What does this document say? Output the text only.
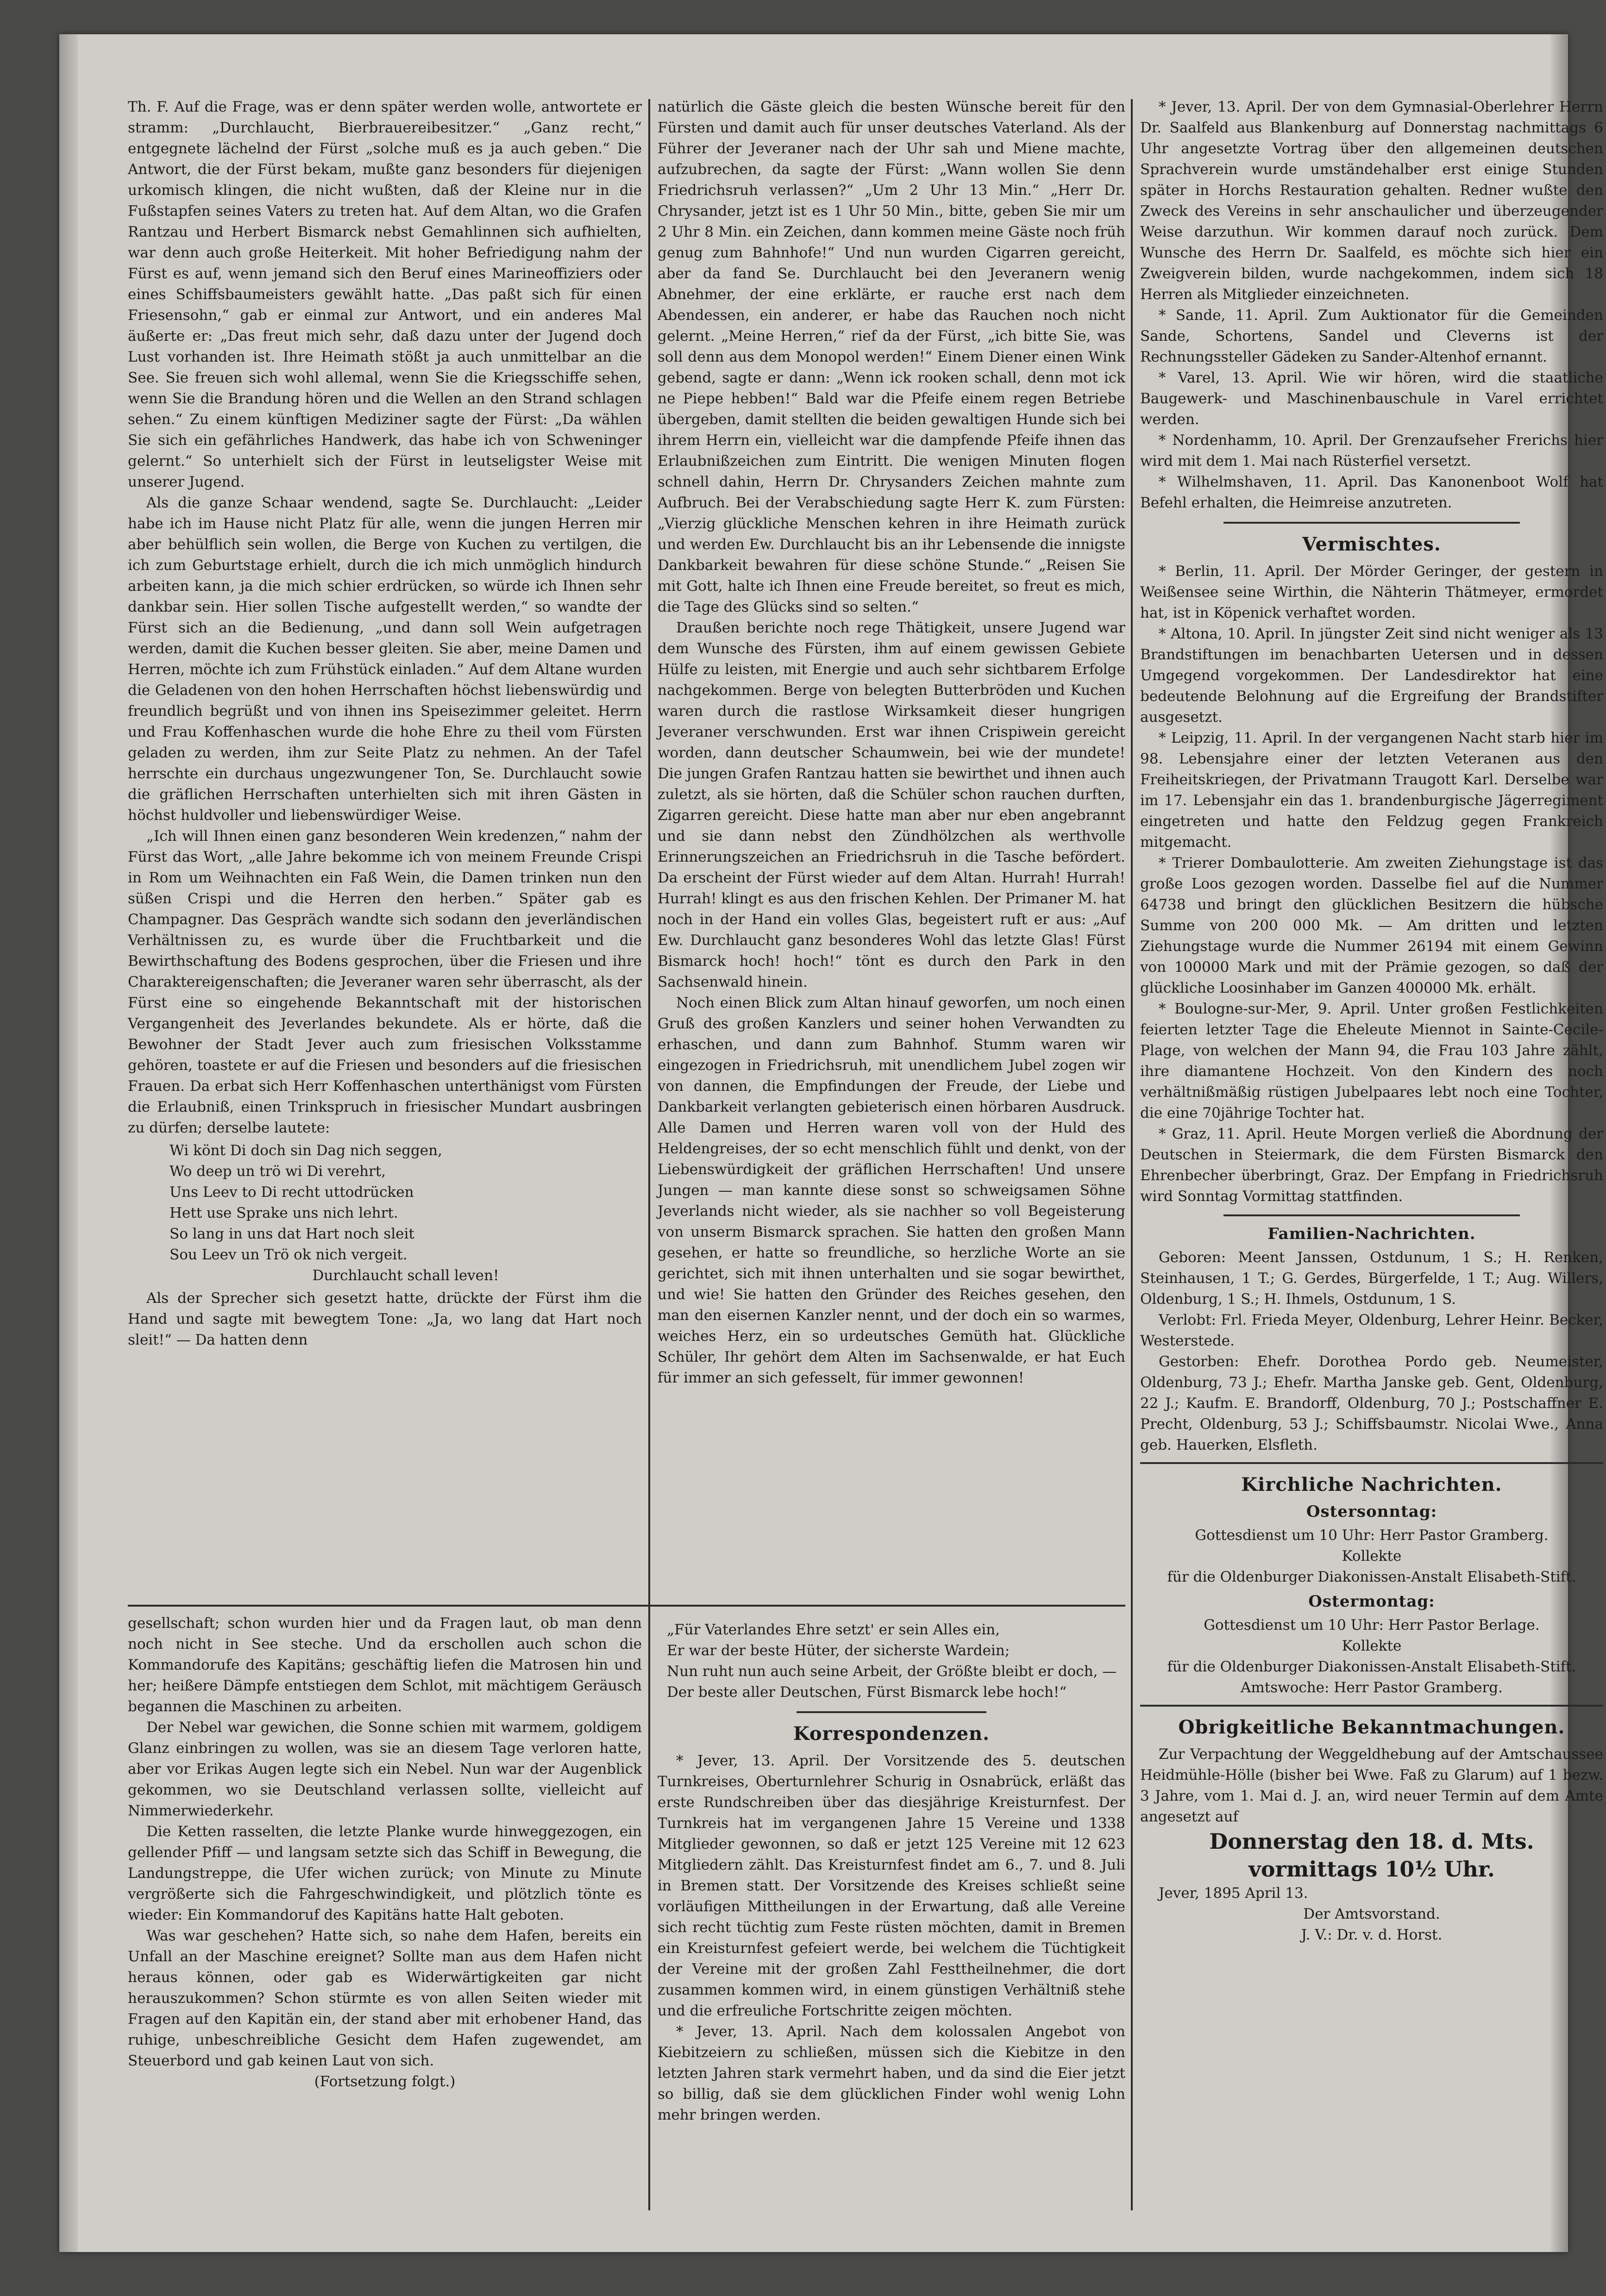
Th. F. Auf die Frage, was er denn später werden wolle, antwortete er stramm: „Durchlaucht, Bierbrauereibesitzer.“ „Ganz recht,“ entgegnete lächelnd der Fürst „solche muß es ja auch geben.“ Die Antwort, die der Fürst bekam, mußte ganz besonders für diejenigen urkomisch klingen, die nicht wußten, daß der Kleine nur in die Fußstapfen seines Vaters zu treten hat. Auf dem Altan, wo die Grafen Rantzau und Herbert Bismarck nebst Gemahlinnen sich aufhielten, war denn auch große Heiterkeit. Mit hoher Befriedigung nahm der Fürst es auf, wenn jemand sich den Beruf eines Marineoffiziers oder eines Schiffsbaumeisters gewählt hatte. „Das paßt sich für einen Friesensohn,“ gab er einmal zur Antwort, und ein anderes Mal äußerte er: „Das freut mich sehr, daß dazu unter der Jugend doch Lust vorhanden ist. Ihre Heimath stößt ja auch unmittelbar an die See. Sie freuen sich wohl allemal, wenn Sie die Kriegsschiffe sehen, wenn Sie die Brandung hören und die Wellen an den Strand schlagen sehen.“ Zu einem künftigen Mediziner sagte der Fürst: „Da wählen Sie sich ein gefährliches Handwerk, das habe ich von Schweninger gelernt.“ So unterhielt sich der Fürst in leutseligster Weise mit unserer Jugend.

Als die ganze Schaar wendend, sagte Se. Durchlaucht: „Leider habe ich im Hause nicht Platz für alle, wenn die jungen Herren mir aber behülflich sein wollen, die Berge von Kuchen zu vertilgen, die ich zum Geburtstage erhielt, durch die ich mich unmöglich hindurch arbeiten kann, ja die mich schier erdrücken, so würde ich Ihnen sehr dankbar sein. Hier sollen Tische aufgestellt werden,“ so wandte der Fürst sich an die Bedienung, „und dann soll Wein aufgetragen werden, damit die Kuchen besser gleiten. Sie aber, meine Damen und Herren, möchte ich zum Frühstück einladen.“ Auf dem Altane wurden die Geladenen von den hohen Herrschaften höchst liebenswürdig und freundlich begrüßt und von ihnen ins Speisezimmer geleitet. Herrn und Frau Koffenhaschen wurde die hohe Ehre zu theil vom Fürsten geladen zu werden, ihm zur Seite Platz zu nehmen. An der Tafel herrschte ein durchaus ungezwungener Ton, Se. Durchlaucht sowie die gräflichen Herrschaften unterhielten sich mit ihren Gästen in höchst huldvoller und liebenswürdiger Weise.

„Ich will Ihnen einen ganz besonderen Wein kredenzen,“ nahm der Fürst das Wort, „alle Jahre bekomme ich von meinem Freunde Crispi in Rom um Weihnachten ein Faß Wein, die Damen trinken nun den süßen Crispi und die Herren den herben.“ Später gab es Champagner. Das Gespräch wandte sich sodann den jeverländischen Verhältnissen zu, es wurde über die Fruchtbarkeit und die Bewirthschaftung des Bodens gesprochen, über die Friesen und ihre Charaktereigenschaften; die Jeveraner waren sehr überrascht, als der Fürst eine so eingehende Bekanntschaft mit der historischen Vergangenheit des Jeverlandes bekundete. Als er hörte, daß die Bewohner der Stadt Jever auch zum friesischen Volksstamme gehören, toastete er auf die Friesen und besonders auf die friesischen Frauen. Da erbat sich Herr Koffenhaschen unterthänigst vom Fürsten die Erlaubniß, einen Trinkspruch in friesischer Mundart ausbringen zu dürfen; derselbe lautete:

Wi könt Di doch sin Dag nich seggen,
Wo deep un trö wi Di verehrt,
Uns Leev to Di recht uttodrücken
Hett use Sprake uns nich lehrt.
So lang in uns dat Hart noch sleit
Sou Leev un Trö ok nich vergeit.
Durchlaucht schall leven!

Als der Sprecher sich gesetzt hatte, drückte der Fürst ihm die Hand und sagte mit bewegtem Tone: „Ja, wo lang dat Hart noch sleit!“ — Da hatten denn

gesellschaft; schon wurden hier und da Fragen laut, ob man denn noch nicht in See steche. Und da erschollen auch schon die Kommandorufe des Kapitäns; geschäftig liefen die Matrosen hin und her; heißere Dämpfe entstiegen dem Schlot, mit mächtigem Geräusch begannen die Maschinen zu arbeiten.

Der Nebel war gewichen, die Sonne schien mit warmem, goldigem Glanz einbringen zu wollen, was sie an diesem Tage verloren hatte, aber vor Erikas Augen legte sich ein Nebel. Nun war der Augenblick gekommen, wo sie Deutschland verlassen sollte, vielleicht auf Nimmerwiederkehr.

Die Ketten rasselten, die letzte Planke wurde hinweggezogen, ein gellender Pfiff — und langsam setzte sich das Schiff in Bewegung, die Landungstreppe, die Ufer wichen zurück; von Minute zu Minute vergrößerte sich die Fahrgeschwindigkeit, und plötzlich tönte es wieder: Ein Kommandoruf des Kapitäns hatte Halt geboten.

Was war geschehen? Hatte sich, so nahe dem Hafen, bereits ein Unfall an der Maschine ereignet? Sollte man aus dem Hafen nicht heraus können, oder gab es Widerwärtigkeiten gar nicht herauszukommen? Schon stürmte es von allen Seiten wieder mit Fragen auf den Kapitän ein, der stand aber mit erhobener Hand, das ruhige, unbeschreibliche Gesicht dem Hafen zugewendet, am Steuerbord und gab keinen Laut von sich.

(Fortsetzung folgt.)

natürlich die Gäste gleich die besten Wünsche bereit für den Fürsten und damit auch für unser deutsches Vaterland. Als der Führer der Jeveraner nach der Uhr sah und Miene machte, aufzubrechen, da sagte der Fürst: „Wann wollen Sie denn Friedrichsruh verlassen?“ „Um 2 Uhr 13 Min.“ „Herr Dr. Chrysander, jetzt ist es 1 Uhr 50 Min., bitte, geben Sie mir um 2 Uhr 8 Min. ein Zeichen, dann kommen meine Gäste noch früh genug zum Bahnhofe!“ Und nun wurden Cigarren gereicht, aber da fand Se. Durchlaucht bei den Jeveranern wenig Abnehmer, der eine erklärte, er rauche erst nach dem Abendessen, ein anderer, er habe das Rauchen noch nicht gelernt. „Meine Herren,“ rief da der Fürst, „ich bitte Sie, was soll denn aus dem Monopol werden!“ Einem Diener einen Wink gebend, sagte er dann: „Wenn ick rooken schall, denn mot ick ne Piepe hebben!“ Bald war die Pfeife einem regen Betriebe übergeben, damit stellten die beiden gewaltigen Hunde sich bei ihrem Herrn ein, vielleicht war die dampfende Pfeife ihnen das Erlaubnißzeichen zum Eintritt. Die wenigen Minuten flogen schnell dahin, Herrn Dr. Chrysanders Zeichen mahnte zum Aufbruch. Bei der Verabschiedung sagte Herr K. zum Fürsten: „Vierzig glückliche Menschen kehren in ihre Heimath zurück und werden Ew. Durchlaucht bis an ihr Lebensende die innigste Dankbarkeit bewahren für diese schöne Stunde.“ „Reisen Sie mit Gott, halte ich Ihnen eine Freude bereitet, so freut es mich, die Tage des Glücks sind so selten.“

Draußen berichte noch rege Thätigkeit, unsere Jugend war dem Wunsche des Fürsten, ihm auf einem gewissen Gebiete Hülfe zu leisten, mit Energie und auch sehr sichtbarem Erfolge nachgekommen. Berge von belegten Butterbröden und Kuchen waren durch die rastlose Wirksamkeit dieser hungrigen Jeveraner verschwunden. Erst war ihnen Crispiwein gereicht worden, dann deutscher Schaumwein, bei wie der mundete! Die jungen Grafen Rantzau hatten sie bewirthet und ihnen auch zuletzt, als sie hörten, daß die Schüler schon rauchen durften, Zigarren gereicht. Diese hatte man aber nur eben angebrannt und sie dann nebst den Zündhölzchen als werthvolle Erinnerungszeichen an Friedrichsruh in die Tasche befördert. Da erscheint der Fürst wieder auf dem Altan. Hurrah! Hurrah! Hurrah! klingt es aus den frischen Kehlen. Der Primaner M. hat noch in der Hand ein volles Glas, begeistert ruft er aus: „Auf Ew. Durchlaucht ganz besonderes Wohl das letzte Glas! Fürst Bismarck hoch! hoch!“ tönt es durch den Park in den Sachsenwald hinein.

Noch einen Blick zum Altan hinauf geworfen, um noch einen Gruß des großen Kanzlers und seiner hohen Verwandten zu erhaschen, und dann zum Bahnhof. Stumm waren wir eingezogen in Friedrichsruh, mit unendlichem Jubel zogen wir von dannen, die Empfindungen der Freude, der Liebe und Dankbarkeit verlangten gebieterisch einen hörbaren Ausdruck. Alle Damen und Herren waren voll von der Huld des Heldengreises, der so echt menschlich fühlt und denkt, von der Liebenswürdigkeit der gräflichen Herrschaften! Und unsere Jungen — man kannte diese sonst so schweigsamen Söhne Jeverlands nicht wieder, als sie nachher so voll Begeisterung von unserm Bismarck sprachen. Sie hatten den großen Mann gesehen, er hatte so freundliche, so herzliche Worte an sie gerichtet, sich mit ihnen unterhalten und sie sogar bewirthet, und wie! Sie hatten den Gründer des Reiches gesehen, den man den eisernen Kanzler nennt, und der doch ein so warmes, weiches Herz, ein so urdeutsches Gemüth hat. Glückliche Schüler, Ihr gehört dem Alten im Sachsenwalde, er hat Euch für immer an sich gefesselt, für immer gewonnen!

„Für Vaterlandes Ehre setzt' er sein Alles ein,
Er war der beste Hüter, der sicherste Wardein;
Nun ruht nun auch seine Arbeit, der Größte bleibt er doch, —
Der beste aller Deutschen, Fürst Bismarck lebe hoch!“
Korrespondenzen.

* Jever, 13. April. Der Vorsitzende des 5. deutschen Turnkreises, Oberturnlehrer Schurig in Osnabrück, erläßt das erste Rundschreiben über das diesjährige Kreisturnfest. Der Turnkreis hat im vergangenen Jahre 15 Vereine und 1338 Mitglieder gewonnen, so daß er jetzt 125 Vereine mit 12 623 Mitgliedern zählt. Das Kreisturnfest findet am 6., 7. und 8. Juli in Bremen statt. Der Vorsitzende des Kreises schließt seine vorläufigen Mittheilungen in der Erwartung, daß alle Vereine sich recht tüchtig zum Feste rüsten möchten, damit in Bremen ein Kreisturnfest gefeiert werde, bei welchem die Tüchtigkeit der Vereine mit der großen Zahl Festtheilnehmer, die dort zusammen kommen wird, in einem günstigen Verhältniß stehe und die erfreuliche Fortschritte zeigen möchten.

* Jever, 13. April. Nach dem kolossalen Angebot von Kiebitzeiern zu schließen, müssen sich die Kiebitze in den letzten Jahren stark vermehrt haben, und da sind die Eier jetzt so billig, daß sie dem glücklichen Finder wohl wenig Lohn mehr bringen werden.

* Jever, 13. April. Der von dem Gymnasial-Oberlehrer Herrn Dr. Saalfeld aus Blankenburg auf Donnerstag nachmittags 6 Uhr angesetzte Vortrag über den allgemeinen deutschen Sprachverein wurde umständehalber erst einige Stunden später in Horchs Restauration gehalten. Redner wußte den Zweck des Vereins in sehr anschaulicher und überzeugender Weise darzuthun. Wir kommen darauf noch zurück. Dem Wunsche des Herrn Dr. Saalfeld, es möchte sich hier ein Zweigverein bilden, wurde nachgekommen, indem sich 18 Herren als Mitglieder einzeichneten.

* Sande, 11. April. Zum Auktionator für die Gemeinden Sande, Schortens, Sandel und Cleverns ist der Rechnungssteller Gädeken zu Sander-Altenhof ernannt.

* Varel, 13. April. Wie wir hören, wird die staatliche Baugewerk- und Maschinenbauschule in Varel errichtet werden.

* Nordenhamm, 10. April. Der Grenzaufseher Frerichs hier wird mit dem 1. Mai nach Rüsterfiel versetzt.

* Wilhelmshaven, 11. April. Das Kanonenboot Wolf hat Befehl erhalten, die Heimreise anzutreten.

Vermischtes.

* Berlin, 11. April. Der Mörder Geringer, der gestern in Weißensee seine Wirthin, die Nähterin Thätmeyer, ermordet hat, ist in Köpenick verhaftet worden.

* Altona, 10. April. In jüngster Zeit sind nicht weniger als 13 Brandstiftungen im benachbarten Uetersen und in dessen Umgegend vorgekommen. Der Landesdirektor hat eine bedeutende Belohnung auf die Ergreifung der Brandstifter ausgesetzt.

* Leipzig, 11. April. In der vergangenen Nacht starb hier im 98. Lebensjahre einer der letzten Veteranen aus den Freiheitskriegen, der Privatmann Traugott Karl. Derselbe war im 17. Lebensjahr ein das 1. brandenburgische Jägerregiment eingetreten und hatte den Feldzug gegen Frankreich mitgemacht.

* Trierer Dombaulotterie. Am zweiten Ziehungstage ist das große Loos gezogen worden. Dasselbe fiel auf die Nummer 64738 und bringt den glücklichen Besitzern die hübsche Summe von 200 000 Mk. — Am dritten und letzten Ziehungstage wurde die Nummer 26194 mit einem Gewinn von 100000 Mark und mit der Prämie gezogen, so daß der glückliche Loosinhaber im Ganzen 400000 Mk. erhält.

* Boulogne-sur-Mer, 9. April. Unter großen Festlichkeiten feierten letzter Tage die Eheleute Miennot in Sainte-Cecile-Plage, von welchen der Mann 94, die Frau 103 Jahre zählt, ihre diamantene Hochzeit. Von den Kindern des noch verhältnißmäßig rüstigen Jubelpaares lebt noch eine Tochter, die eine 70jährige Tochter hat.

* Graz, 11. April. Heute Morgen verließ die Abordnung der Deutschen in Steiermark, die dem Fürsten Bismarck den Ehrenbecher überbringt, Graz. Der Empfang in Friedrichsruh wird Sonntag Vormittag stattfinden.

Familien-Nachrichten.

Geboren: Meent Janssen, Ostdunum, 1 S.; H. Renken, Steinhausen, 1 T.; G. Gerdes, Bürgerfelde, 1 T.; Aug. Willers, Oldenburg, 1 S.; H. Ihmels, Ostdunum, 1 S.

Verlobt: Frl. Frieda Meyer, Oldenburg, Lehrer Heinr. Becker, Westerstede.

Gestorben: Ehefr. Dorothea Pordo geb. Neumeister, Oldenburg, 73 J.; Ehefr. Martha Janske geb. Gent, Oldenburg, 22 J.; Kaufm. E. Brandorff, Oldenburg, 70 J.; Postschaffner E. Precht, Oldenburg, 53 J.; Schiffsbaumstr. Nicolai Wwe., Anna geb. Hauerken, Elsfleth.

Kirchliche Nachrichten.
Ostersonntag:

Gottesdienst um 10 Uhr: Herr Pastor Gramberg.

Kollekte

für die Oldenburger Diakonissen-Anstalt Elisabeth-Stift.

Ostermontag:

Gottesdienst um 10 Uhr: Herr Pastor Berlage.

Kollekte

für die Oldenburger Diakonissen-Anstalt Elisabeth-Stift.

Amtswoche: Herr Pastor Gramberg.

Obrigkeitliche Bekanntmachungen.

Zur Verpachtung der Weggeldhebung auf der Amtschaussee Heidmühle-Hölle (bisher bei Wwe. Faß zu Glarum) auf 1 bezw. 3 Jahre, vom 1. Mai d. J. an, wird neuer Termin auf dem Amte angesetzt auf

Donnerstag den 18. d. Mts.

vormittags 10½ Uhr.

Jever, 1895 April 13.

Der Amtsvorstand.

J. V.: Dr. v. d. Horst.
